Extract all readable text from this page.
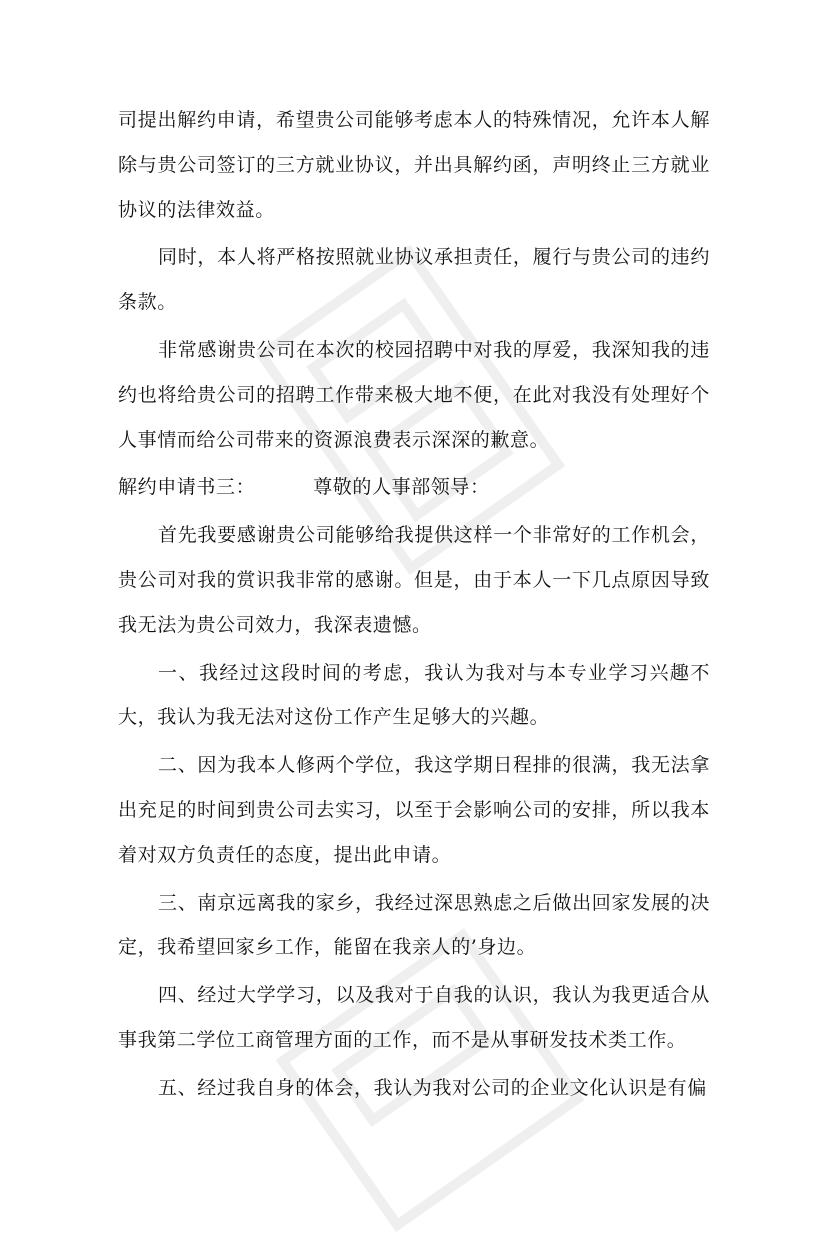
司提出解约申请，希望贵公司能够考虑本人的特殊情况，允许本人解除与贵公司签订的三方就业协议，并出具解约函，声明终止三方就业协议的法律效益。

同时，本人将严格按照就业协议承担责任，履行与贵公司的违约条款。

非常感谢贵公司在本次的校园招聘中对我的厚爱，我深知我的违约也将给贵公司的招聘工作带来极大地不便，在此对我没有处理好个人事情而给公司带来的资源浪费表示深深的歉意。

解约申请书三：	尊敬的人事部领导：

首先我要感谢贵公司能够给我提供这样一个非常好的工作机会，贵公司对我的赏识我非常的感谢。但是，由于本人一下几点原因导致我无法为贵公司效力，我深表遗憾。

一、我经过这段时间的考虑，我认为我对与本专业学习兴趣不大，我认为我无法对这份工作产生足够大的兴趣。

二、因为我本人修两个学位，我这学期日程排的很满，我无法拿出充足的时间到贵公司去实习，以至于会影响公司的安排，所以我本着对双方负责任的态度，提出此申请。

三、南京远离我的家乡，我经过深思熟虑之后做出回家发展的决定，我希望回家乡工作，能留在我亲人的’身边。

四、经过大学学习，以及我对于自我的认识，我认为我更适合从事我第二学位工商管理方面的工作，而不是从事研发技术类工作。

五、经过我自身的体会，我认为我对公司的企业文化认识是有偏
